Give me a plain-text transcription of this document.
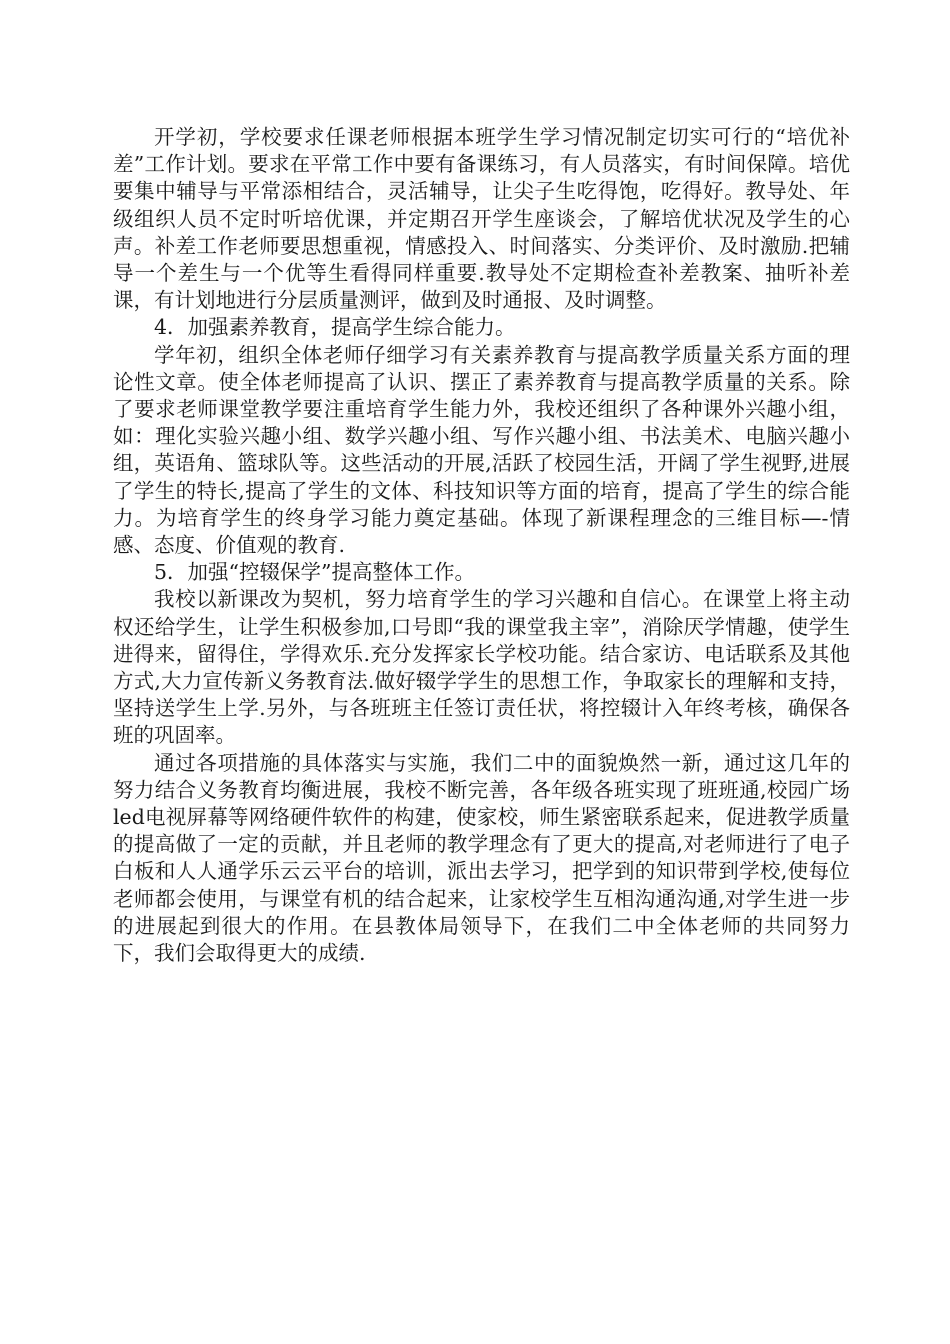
开学初，学校要求任课老师根据本班学生学习情况制定切实可行的“培优补差”工作计划。要求在平常工作中要有备课练习，有人员落实，有时间保障。培优要集中辅导与平常添相结合，灵活辅导，让尖子生吃得饱，吃得好。教导处、年级组织人员不定时听培优课，并定期召开学生座谈会，了解培优状况及学生的心声。补差工作老师要思想重视，情感投入、时间落实、分类评价、及时激励.把辅导一个差生与一个优等生看得同样重要.教导处不定期检查补差教案、抽听补差课，有计划地进行分层质量测评，做到及时通报、及时调整。

4．加强素养教育，提高学生综合能力。

学年初，组织全体老师仔细学习有关素养教育与提高教学质量关系方面的理论性文章。使全体老师提高了认识、摆正了素养教育与提高教学质量的关系。除了要求老师课堂教学要注重培育学生能力外，我校还组织了各种课外兴趣小组，如：理化实验兴趣小组、数学兴趣小组、写作兴趣小组、书法美术、电脑兴趣小组，英语角、篮球队等。这些活动的开展,活跃了校园生活，开阔了学生视野,进展了学生的特长,提高了学生的文体、科技知识等方面的培育，提高了学生的综合能力。为培育学生的终身学习能力奠定基础。体现了新课程理念的三维目标—-情感、态度、价值观的教育.

5．加强“控辍保学”提高整体工作。

我校以新课改为契机，努力培育学生的学习兴趣和自信心。在课堂上将主动权还给学生，让学生积极参加,口号即“我的课堂我主宰”，消除厌学情趣，使学生进得来，留得住，学得欢乐.充分发挥家长学校功能。结合家访、电话联系及其他方式,大力宣传新义务教育法.做好辍学学生的思想工作，争取家长的理解和支持，坚持送学生上学.另外，与各班班主任签订责任状，将控辍计入年终考核，确保各班的巩固率。

通过各项措施的具体落实与实施，我们二中的面貌焕然一新，通过这几年的努力结合义务教育均衡进展，我校不断完善，各年级各班实现了班班通,校园广场led电视屏幕等网络硬件软件的构建，使家校，师生紧密联系起来，促进教学质量的提高做了一定的贡献，并且老师的教学理念有了更大的提高,对老师进行了电子白板和人人通学乐云云平台的培训，派出去学习，把学到的知识带到学校,使每位老师都会使用，与课堂有机的结合起来，让家校学生互相沟通沟通,对学生进一步的进展起到很大的作用。在县教体局领导下，在我们二中全体老师的共同努力下，我们会取得更大的成绩.
